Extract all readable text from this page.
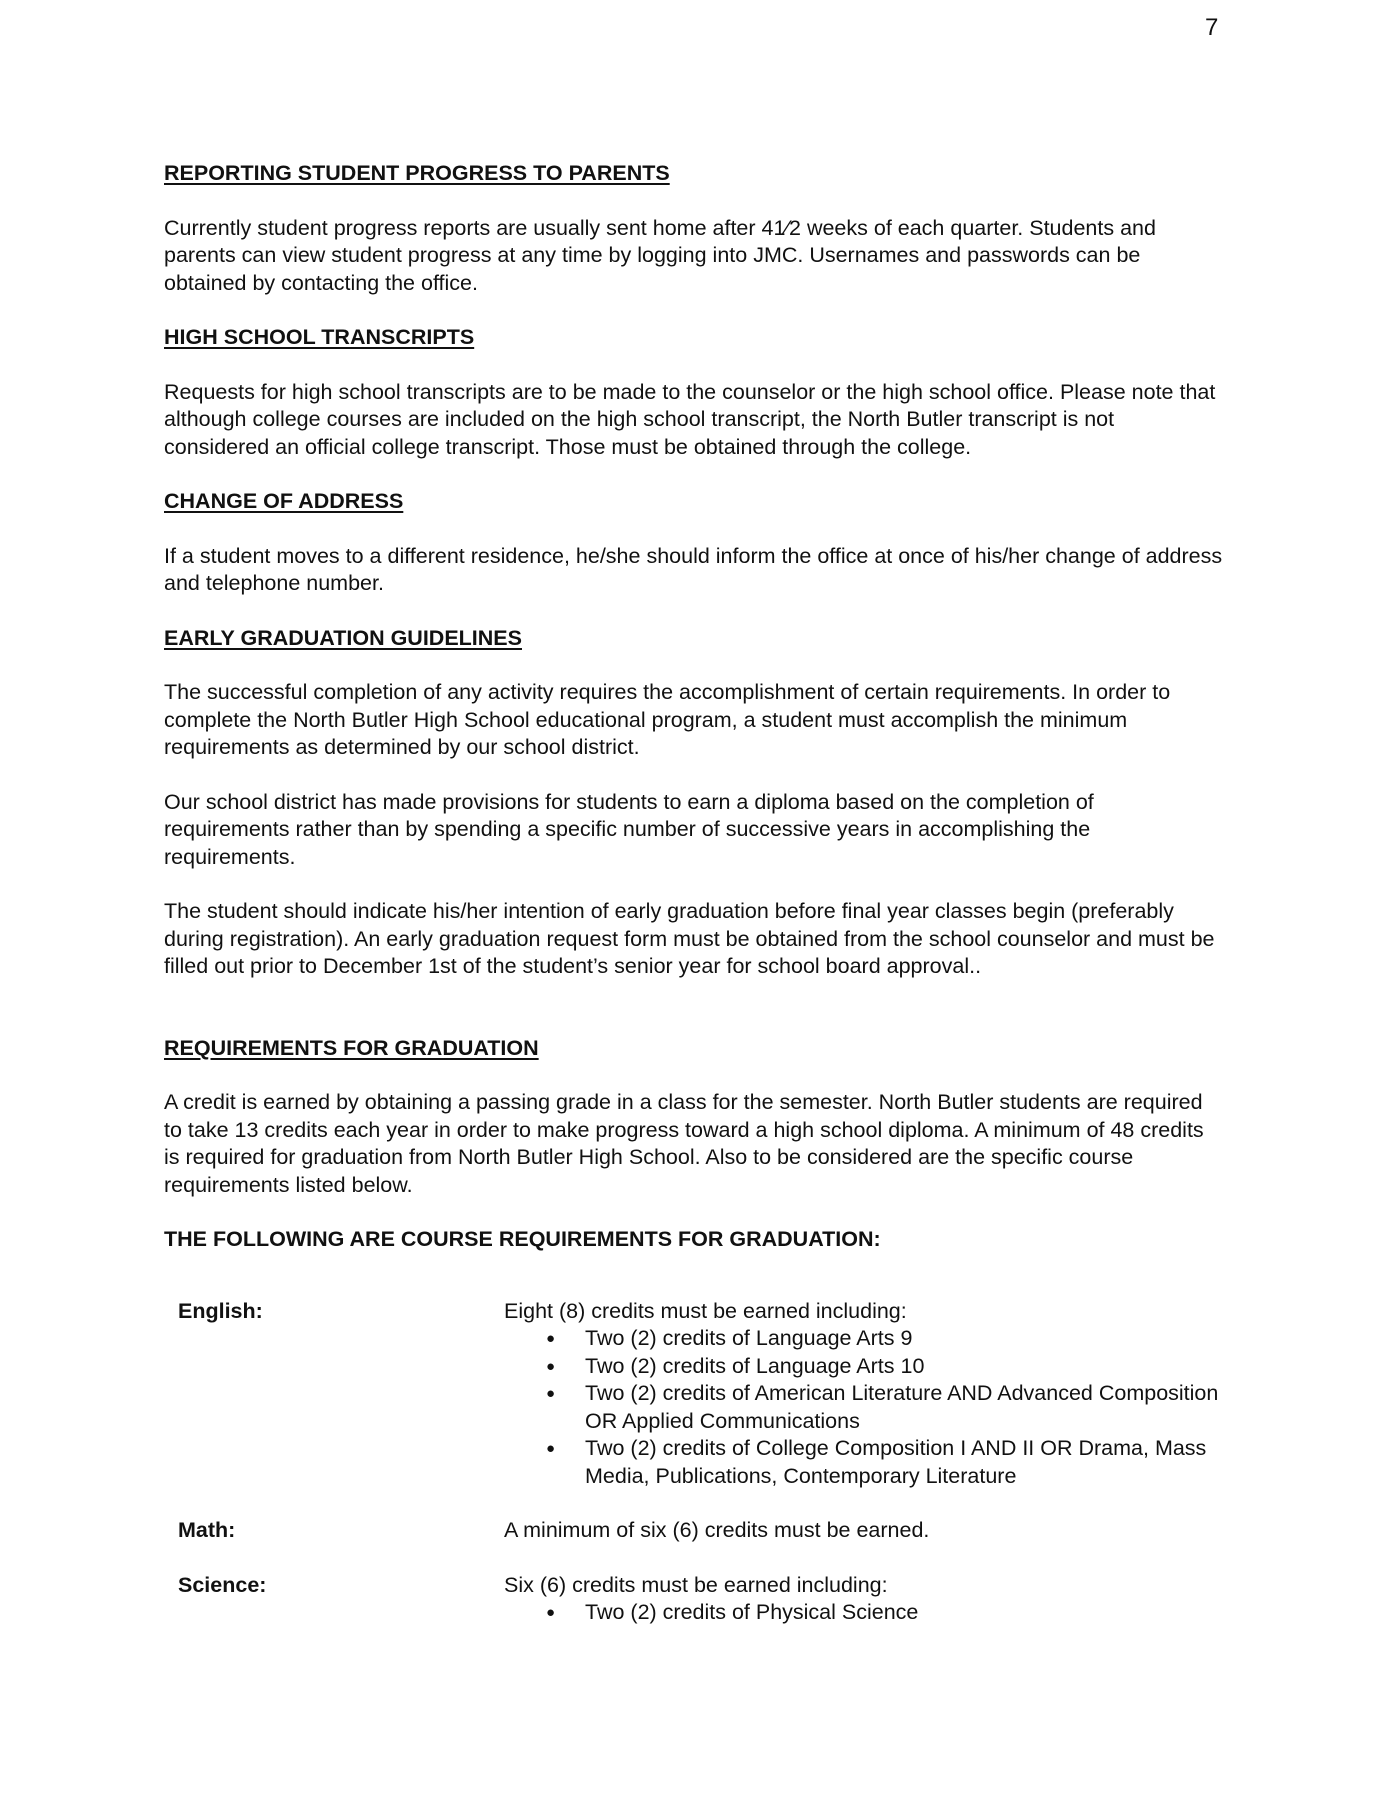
7
REPORTING STUDENT PROGRESS TO PARENTS

Currently student progress reports are usually sent home after 41⁄2 weeks of each quarter. Students and parents can view student progress at any time by logging into JMC. Usernames and passwords can be obtained by contacting the office.

HIGH SCHOOL TRANSCRIPTS

Requests for high school transcripts are to be made to the counselor or the high school office. Please note that although college courses are included on the high school transcript, the North Butler transcript is not considered an official college transcript. Those must be obtained through the college.

CHANGE OF ADDRESS

If a student moves to a different residence, he/she should inform the office at once of his/her change of address and telephone number.

EARLY GRADUATION GUIDELINES

The successful completion of any activity requires the accomplishment of certain requirements. In order to complete the North Butler High School educational program, a student must accomplish the minimum requirements as determined by our school district.

Our school district has made provisions for students to earn a diploma based on the completion of requirements rather than by spending a specific number of successive years in accomplishing the requirements.

The student should indicate his/her intention of early graduation before final year classes begin (preferably during registration). An early graduation request form must be obtained from the school counselor and must be filled out prior to December 1st of the student’s senior year for school board approval..

REQUIREMENTS FOR GRADUATION

A credit is earned by obtaining a passing grade in a class for the semester. North Butler students are required to take 13 credits each year in order to make progress toward a high school diploma. A minimum of 48 credits is required for graduation from North Butler High School. Also to be considered are the specific course requirements listed below.

THE FOLLOWING ARE COURSE REQUIREMENTS FOR GRADUATION:
English:	Eight (8) credits must be earned including:
● Two (2) credits of Language Arts 9
● Two (2) credits of Language Arts 10
● Two (2) credits of American Literature AND Advanced Composition OR Applied Communications
● Two (2) credits of College Composition I AND II OR Drama, Mass Media, Publications, Contemporary Literature
Math:	A minimum of six (6) credits must be earned.
Science:	Six (6) credits must be earned including:
● Two (2) credits of Physical Science
